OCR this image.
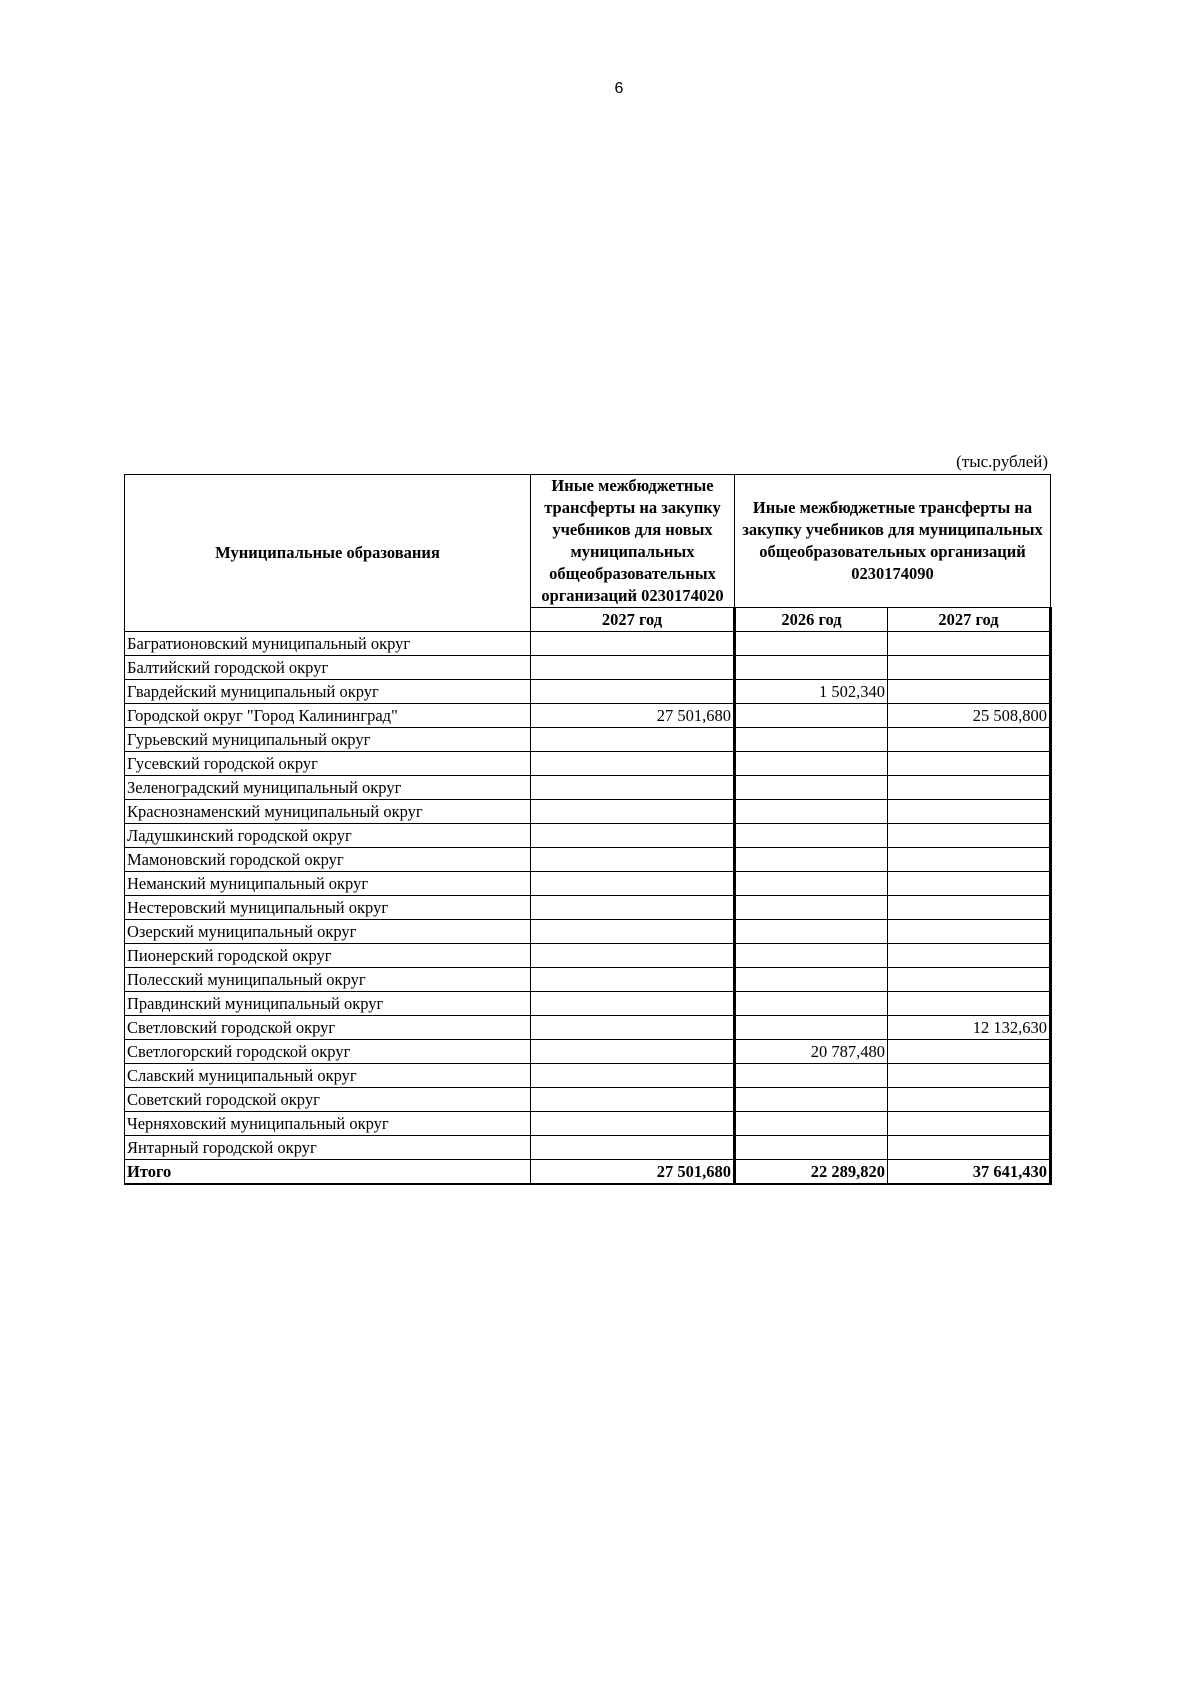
6
(тыс.рублей)
Муниципальные образования	Иные межбюджетные трансферты на закупку учебников для новых муниципальных общеобразовательных организаций 0230174020	Иные межбюджетные трансферты на закупку учебников для муниципальных общеобразовательных организаций 0230174090	
	2027 год	2026 год	2027 год
Багратионовский муниципальный округ			
Балтийский городской округ			
Гвардейский муниципальный округ		1 502,340	
Городской округ "Город Калининград"	27 501,680		25 508,800
Гурьевский муниципальный округ			
Гусевский городской округ			
Зеленоградский муниципальный округ			
Краснознаменский муниципальный округ			
Ладушкинский городской округ			
Мамоновский городской округ			
Неманский муниципальный округ			
Нестеровский муниципальный округ			
Озерский муниципальный округ			
Пионерский городской округ			
Полесский муниципальный округ			
Правдинский муниципальный округ			
Светловский городской округ			12 132,630
Светлогорский городской округ		20 787,480	
Славский муниципальный округ			
Советский городской округ			
Черняховский муниципальный округ			
Янтарный городской округ			
Итого	27 501,680	22 289,820	37 641,430
